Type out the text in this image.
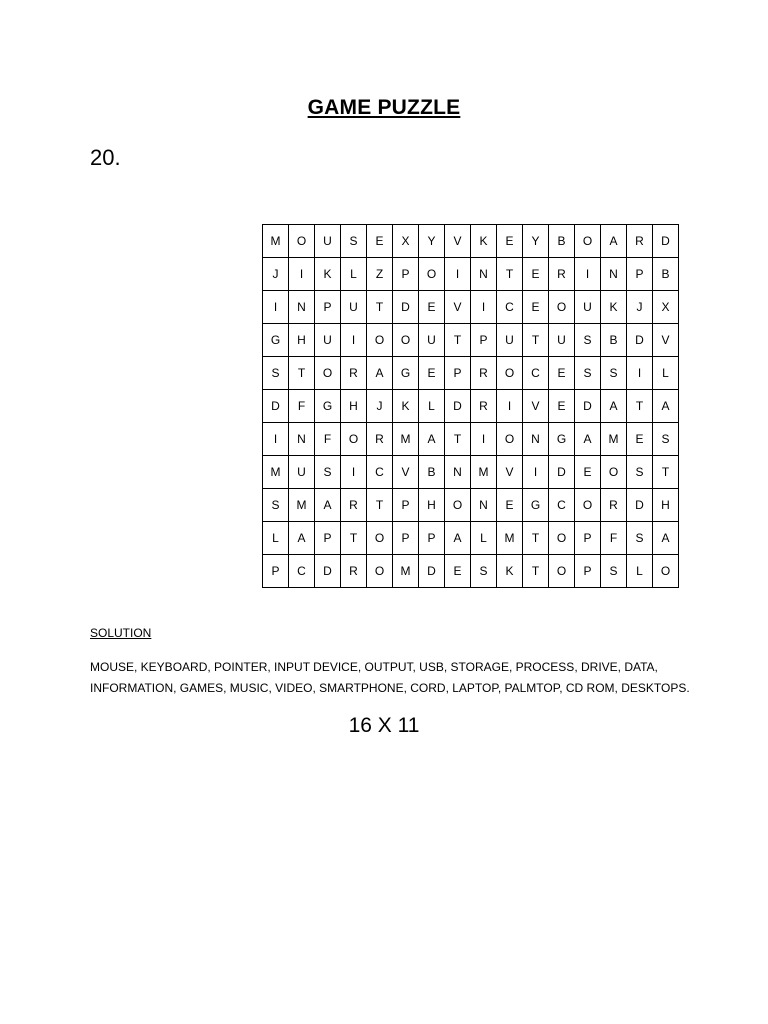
GAME PUZZLE
20.
M	O	U	S	E	X	Y	V	K	E	Y	B	O	A	R	D
J	I	K	L	Z	P	O	I	N	T	E	R	I	N	P	B
I	N	P	U	T	D	E	V	I	C	E	O	U	K	J	X
G	H	U	I	O	O	U	T	P	U	T	U	S	B	D	V
S	T	O	R	A	G	E	P	R	O	C	E	S	S	I	L
D	F	G	H	J	K	L	D	R	I	V	E	D	A	T	A
I	N	F	O	R	M	A	T	I	O	N	G	A	M	E	S
M	U	S	I	C	V	B	N	M	V	I	D	E	O	S	T
S	M	A	R	T	P	H	O	N	E	G	C	O	R	D	H
L	A	P	T	O	P	P	A	L	M	T	O	P	F	S	A
P	C	D	R	O	M	D	E	S	K	T	O	P	S	L	O
SOLUTION
MOUSE, KEYBOARD, POINTER, INPUT DEVICE, OUTPUT, USB, STORAGE, PROCESS, DRIVE, DATA, INFORMATION, GAMES, MUSIC, VIDEO, SMARTPHONE, CORD, LAPTOP, PALMTOP, CD ROM, DESKTOPS.
16 X 11
